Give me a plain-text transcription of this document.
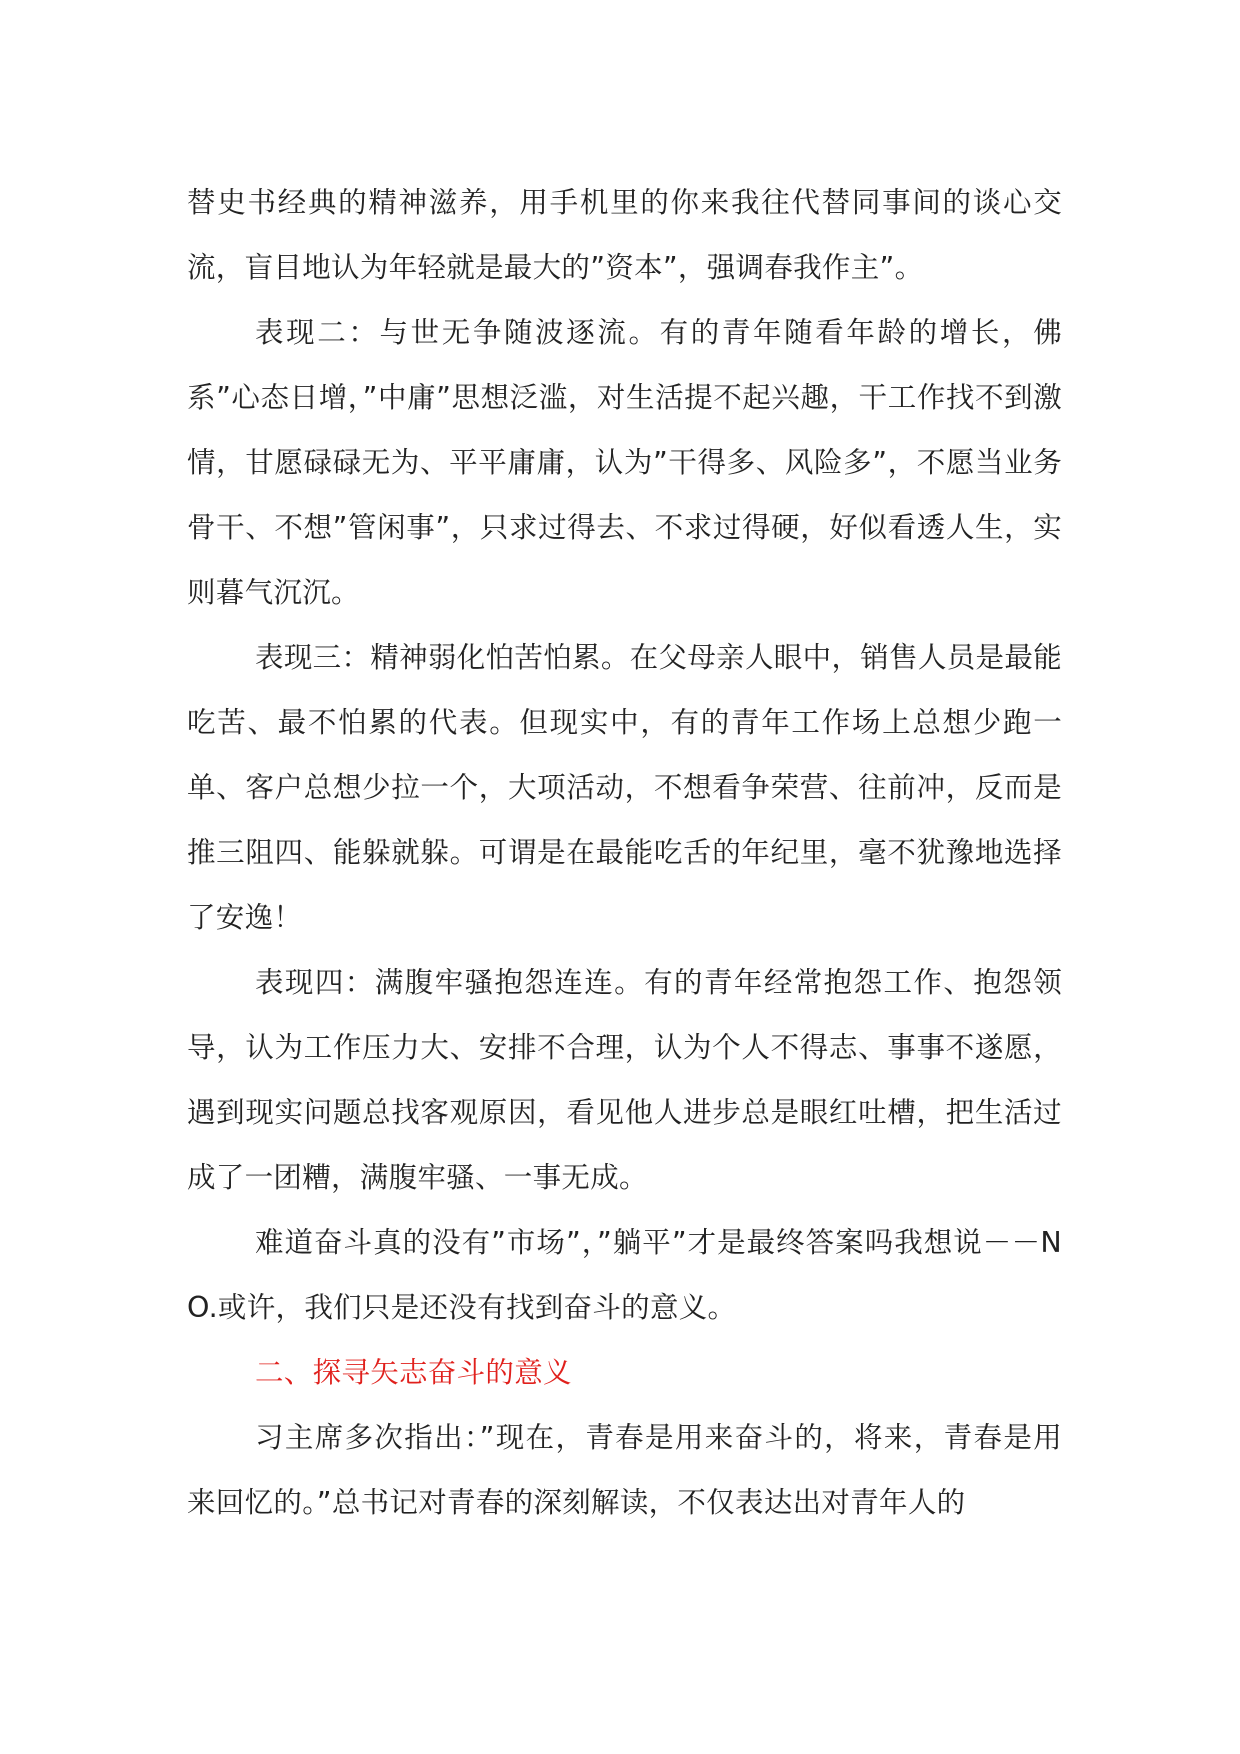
替史书经典的精神滋养，用手机里的你来我往代替同事间的谈心交流，盲目地认为年轻就是最大的”资本”，强调春我作主”。

表现二：与世无争随波逐流。有的青年随看年龄的增长，佛系”心态日增，”中庸”思想泛滥，对生活提不起兴趣，干工作找不到激情，甘愿碌碌无为、平平庸庸，认为”干得多、风险多”，不愿当业务骨干、不想”管闲事”，只求过得去、不求过得硬，好似看透人生，实则暮气沉沉。

表现三：精神弱化怕苦怕累。在父母亲人眼中，销售人员是最能吃苦、最不怕累的代表。但现实中，有的青年工作场上总想少跑一单、客户总想少拉一个，大项活动，不想看争荣营、往前冲，反而是推三阻四、能躲就躲。可谓是在最能吃舌的年纪里，毫不犹豫地选择了安逸！

表现四：满腹牢骚抱怨连连。有的青年经常抱怨工作、抱怨领导，认为工作压力大、安排不合理，认为个人不得志、事事不遂愿，遇到现实问题总找客观原因，看见他人进步总是眼红吐槽，把生活过成了一团糟，满腹牢骚、一事无成。

难道奋斗真的没有”市场”，”躺平”才是最终答案吗我想说－－NO.或许，我们只是还没有找到奋斗的意义。

二、探寻矢志奋斗的意义

习主席多次指出：”现在，青春是用来奋斗的，将来，青春是用来回忆的。”总书记对青春的深刻解读，不仅表达出对青年人的
